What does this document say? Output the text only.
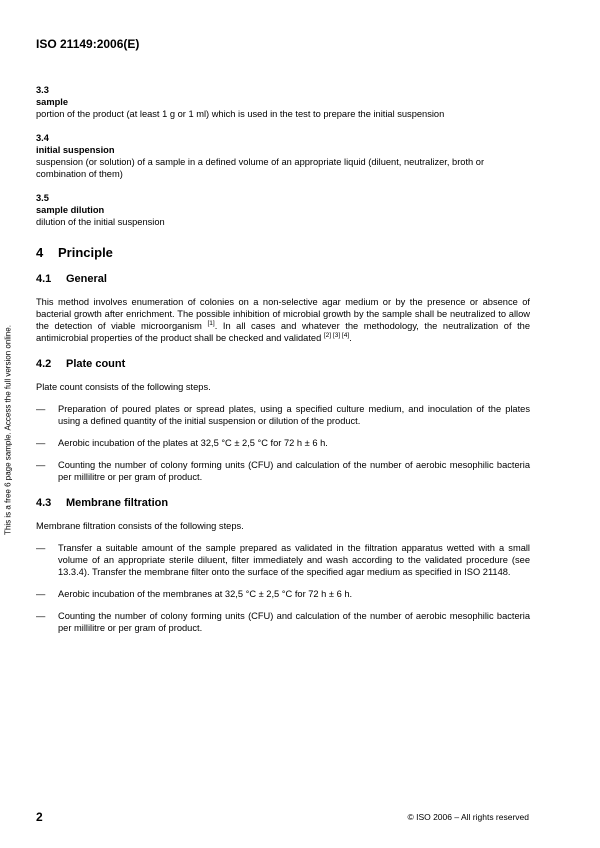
ISO 21149:2006(E)
This is a free 6 page sample. Access the full version online.
3.3
sample
portion of the product (at least 1 g or 1 ml) which is used in the test to prepare the initial suspension
3.4
initial suspension
suspension (or solution) of a sample in a defined volume of an appropriate liquid (diluent, neutralizer, broth or combination of them)
3.5
sample dilution
dilution of the initial suspension
4 Principle
4.1 General
This method involves enumeration of colonies on a non-selective agar medium or by the presence or absence of bacterial growth after enrichment. The possible inhibition of microbial growth by the sample shall be neutralized to allow the detection of viable microorganism [1]. In all cases and whatever the methodology, the neutralization of the antimicrobial properties of the product shall be checked and validated [2] [3] [4].
4.2 Plate count
Plate count consists of the following steps.
—	Preparation of poured plates or spread plates, using a specified culture medium, and inoculation of the plates using a defined quantity of the initial suspension or dilution of the product.
—	Aerobic incubation of the plates at 32,5 °C ± 2,5 °C for 72 h ± 6 h.
—	Counting the number of colony forming units (CFU) and calculation of the number of aerobic mesophilic bacteria per millilitre or per gram of product.
4.3 Membrane filtration
Membrane filtration consists of the following steps.
—	Transfer a suitable amount of the sample prepared as validated in the filtration apparatus wetted with a small volume of an appropriate sterile diluent, filter immediately and wash according to the validated procedure (see 13.3.4). Transfer the membrane filter onto the surface of the specified agar medium as specified in ISO 21148.
—	Aerobic incubation of the membranes at 32,5 °C ± 2,5 °C for 72 h ± 6 h.
—	Counting the number of colony forming units (CFU) and calculation of the number of aerobic mesophilic bacteria per millilitre or per gram of product.
2	© ISO 2006 – All rights reserved
